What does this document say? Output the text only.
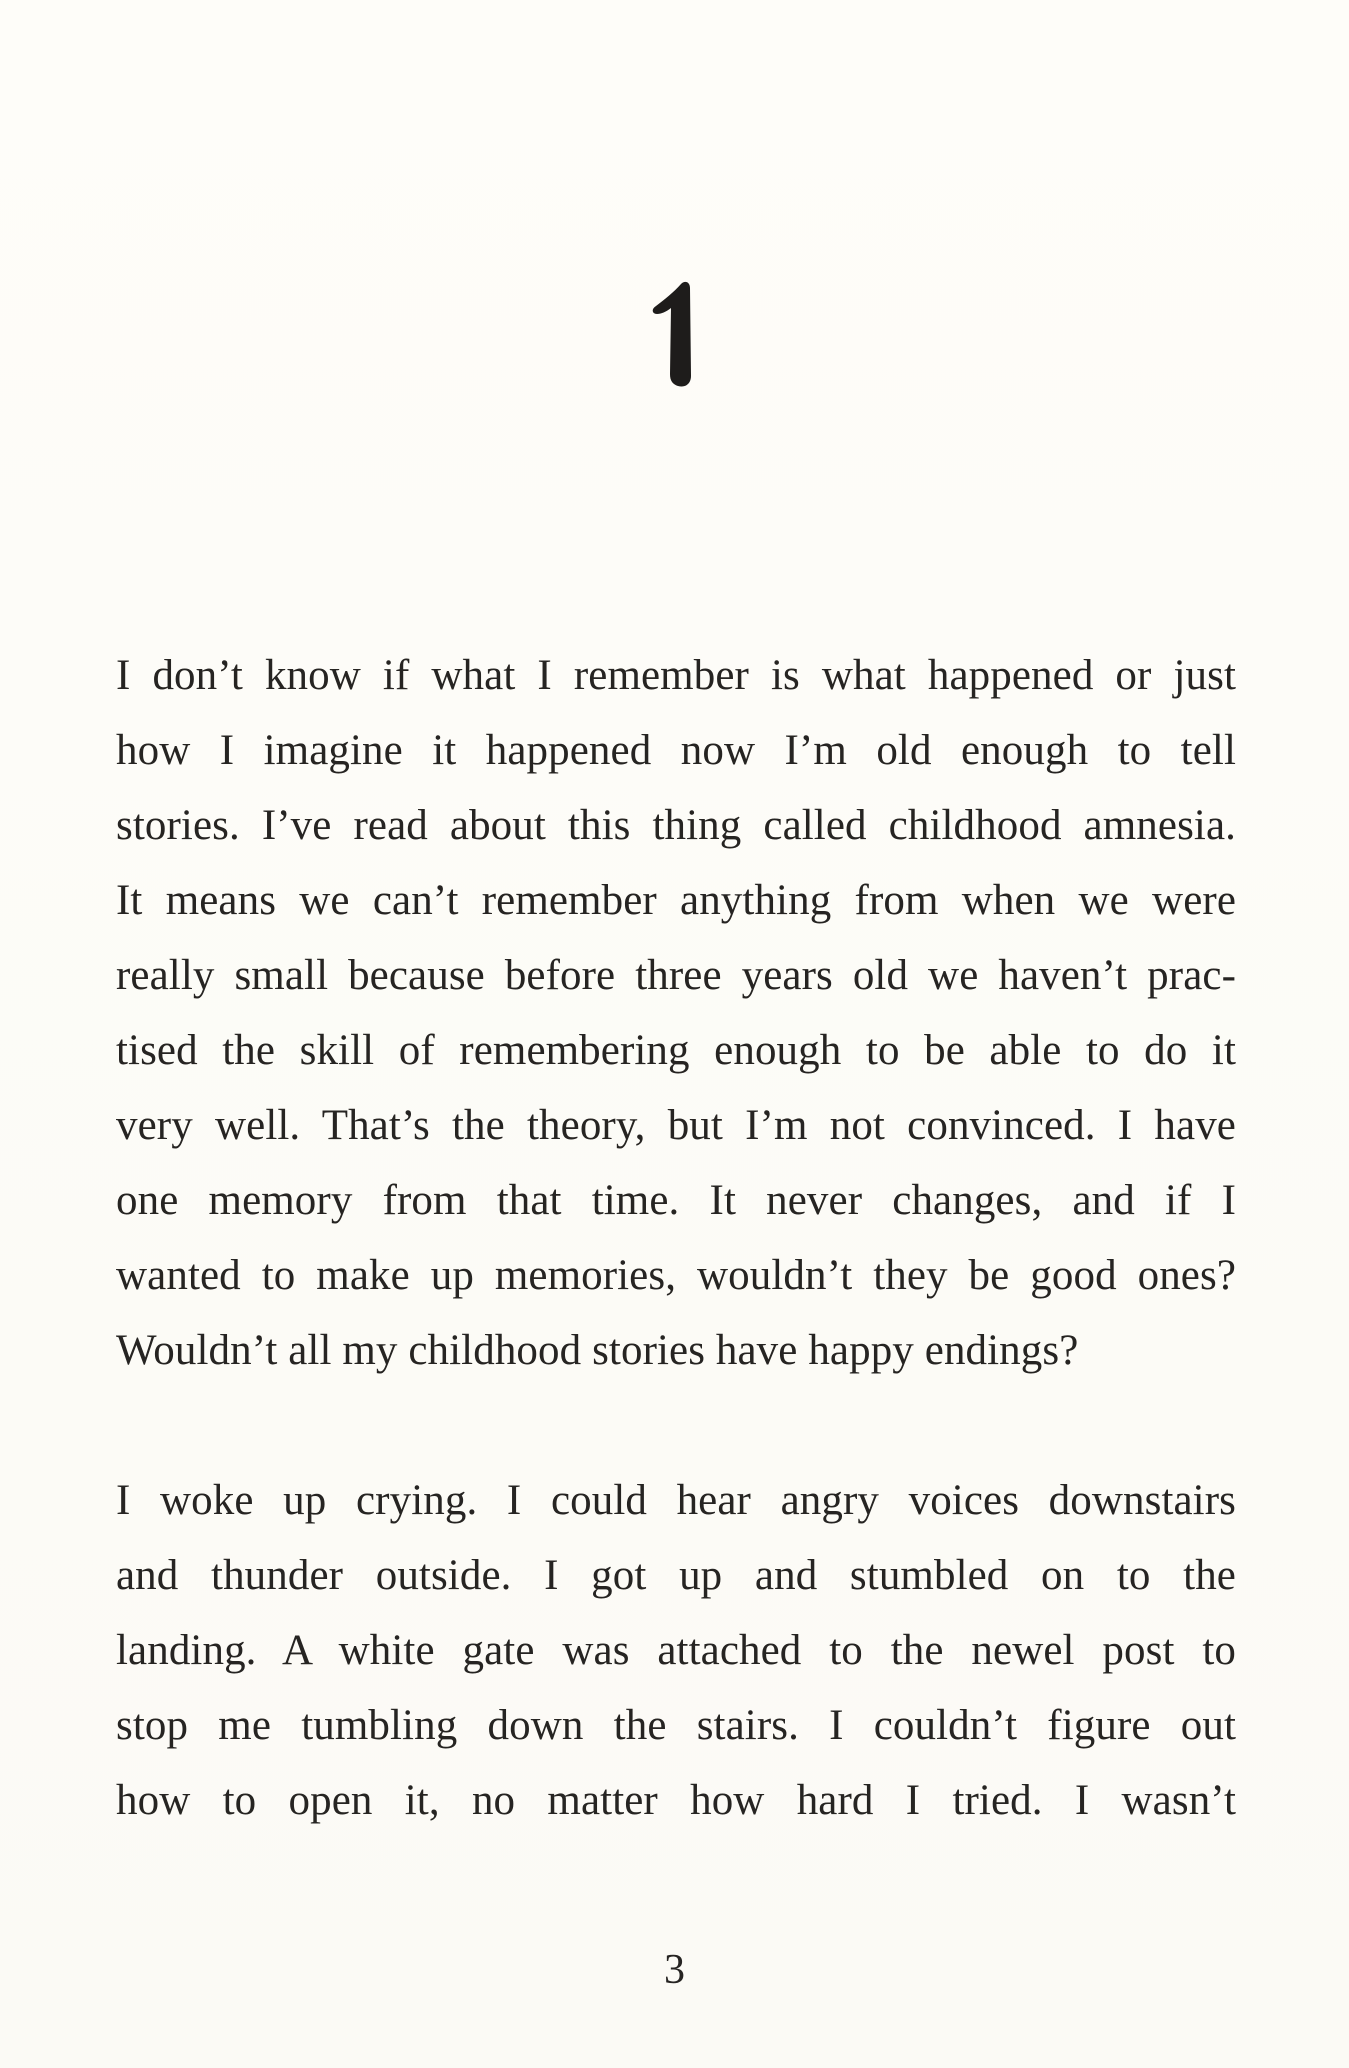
I don’t know if what I remember is what happened or just
how I imagine it happened now I’m old enough to tell
stories. I’ve read about this thing called childhood amnesia.
It means we can’t remember anything from when we were
really small because before three years old we haven’t prac-
tised the skill of remembering enough to be able to do it
very well. That’s the theory, but I’m not convinced. I have
one memory from that time. It never changes, and if I
wanted to make up memories, wouldn’t they be good ones?
Wouldn’t all my childhood stories have happy endings?
I woke up crying. I could hear angry voices downstairs
and thunder outside. I got up and stumbled on to the
landing. A white gate was attached to the newel post to
stop me tumbling down the stairs. I couldn’t figure out
how to open it, no matter how hard I tried. I wasn’t

3
